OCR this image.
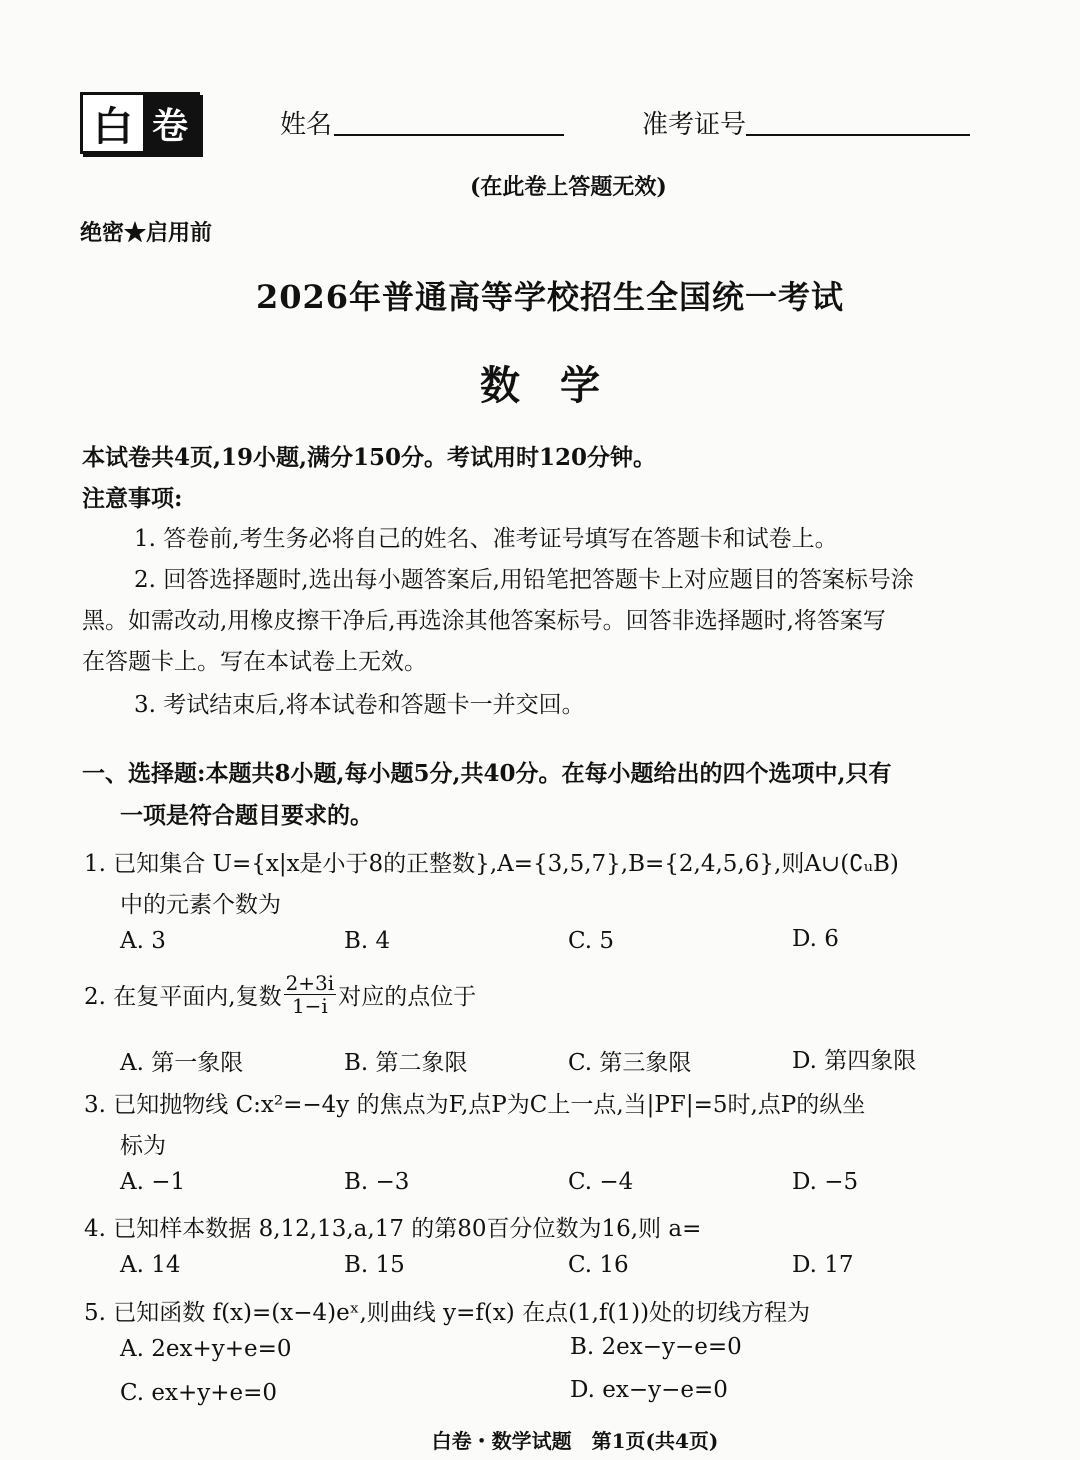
白 卷	姓名	准考证号
(在此卷上答题无效)
绝密★启用前
2026年普通高等学校招生全国统一考试
数学
本试卷共4页,19小题,满分150分。考试用时120分钟。
注意事项:
1. 答卷前,考生务必将自己的姓名、准考证号填写在答题卡和试卷上。
2. 回答选择题时,选出每小题答案后,用铅笔把答题卡上对应题目的答案标号涂
黑。如需改动,用橡皮擦干净后,再选涂其他答案标号。回答非选择题时,将答案写
在答题卡上。写在本试卷上无效。
3. 考试结束后,将本试卷和答题卡一并交回。
一、选择题:本题共8小题,每小题5分,共40分。在每小题给出的四个选项中,只有
一项是符合题目要求的。
1. 已知集合 U={x|x是小于8的正整数},A={3,5,7},B={2,4,5,6},则A∪(∁ᵤB)
中的元素个数为
A. 3	B. 4	C. 5	D. 6
2. 在复平面内,复数 $\frac{2+3i}{1-i}$ 对应的点位于
A. 第一象限	B. 第二象限	C. 第三象限	D. 第四象限
3. 已知抛物线 C:x²=−4y 的焦点为F,点P为C上一点,当|PF|=5时,点P的纵坐
标为
A. −1	B. −3	C. −4	D. −5
4. 已知样本数据 8,12,13,a,17 的第80百分位数为16,则 a=
A. 14	B. 15	C. 16	D. 17
5. 已知函数 f(x)=(x−4)eˣ,则曲线 y=f(x) 在点(1,f(1))处的切线方程为
A. 2ex+y+e=0	B. 2ex−y−e=0
C. ex+y+e=0	D. ex−y−e=0
白卷・数学试题　第1页(共4页)
